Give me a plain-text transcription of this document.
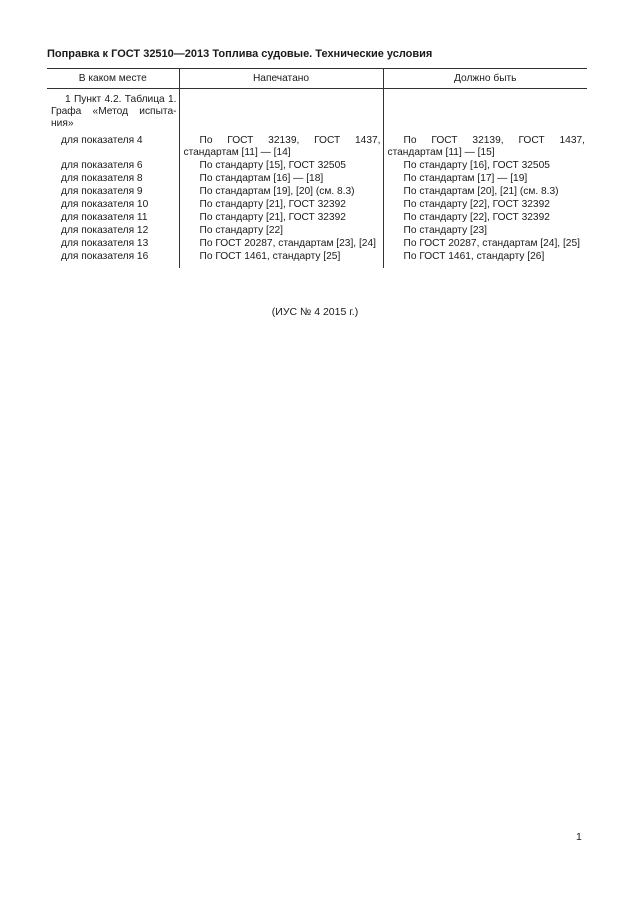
Поправка к ГОСТ 32510—2013 Топлива судовые. Технические условия
В каком месте	Напечатано	Должно быть
1 Пункт 4.2. Таблица 1. Графа «Метод испыта-ния»		
для показателя 4	По ГОСТ 32139, ГОСТ 1437, стандартам [11] — [14]	По ГОСТ 32139, ГОСТ 1437, стандартам [11] — [15]
для показателя 6	По стандарту [15], ГОСТ 32505	По стандарту [16], ГОСТ 32505
для показателя 8	По стандартам [16] — [18]	По стандартам [17] — [19]
для показателя 9	По стандартам [19], [20] (см. 8.3)	По стандартам [20], [21] (см. 8.3)
для показателя 10	По стандарту [21], ГОСТ 32392	По стандарту [22], ГОСТ 32392
для показателя 11	По стандарту [21], ГОСТ 32392	По стандарту [22], ГОСТ 32392
для показателя 12	По стандарту [22]	По стандарту [23]
для показателя 13	По ГОСТ 20287, стандартам [23], [24]	По ГОСТ 20287, стандартам [24], [25]
для показателя 16	По ГОСТ 1461, стандарту [25]	По ГОСТ 1461, стандарту [26]
(ИУС № 4 2015 г.)
1
